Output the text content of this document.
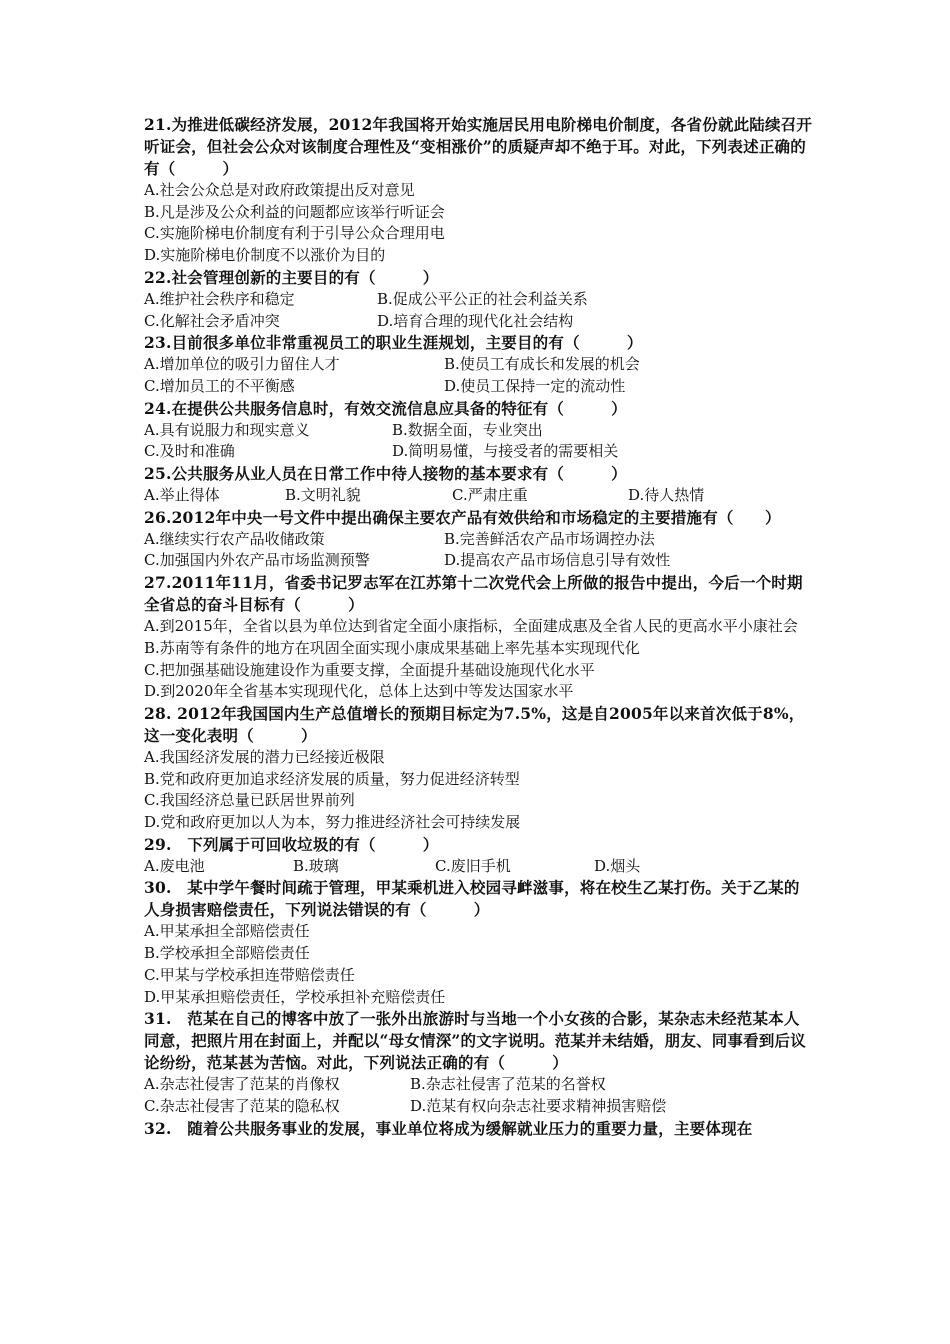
21.为推进低碳经济发展，2012年我国将开始实施居民用电阶梯电价制度，各省份就此陆续召开听证会，但社会公众对该制度合理性及“变相涨价”的质疑声却不绝于耳。对此，下列表述正确的有（　　　）
A.社会公众总是对政府政策提出反对意见
B.凡是涉及公众利益的问题都应该举行听证会
C.实施阶梯电价制度有利于引导公众合理用电
D.实施阶梯电价制度不以涨价为目的
22.社会管理创新的主要目的有（　　　）
A.维护社会秩序和稳定	B.促成公平公正的社会利益关系
C.化解社会矛盾冲突	D.培育合理的现代化社会结构
23.目前很多单位非常重视员工的职业生涯规划，主要目的有（　　　）
A.增加单位的吸引力留住人才	B.使员工有成长和发展的机会
C.增加员工的不平衡感	D.使员工保持一定的流动性
24.在提供公共服务信息时，有效交流信息应具备的特征有（　　　）
A.具有说服力和现实意义	B.数据全面，专业突出
C.及时和准确	D.简明易懂，与接受者的需要相关
25.公共服务从业人员在日常工作中待人接物的基本要求有（　　　）
A.举止得体	B.文明礼貌	C.严肃庄重	D.待人热情
26.2012年中央一号文件中提出确保主要农产品有效供给和市场稳定的主要措施有（　　）
A.继续实行农产品收储政策	B.完善鲜活农产品市场调控办法
C.加强国内外农产品市场监测预警	D.提高农产品市场信息引导有效性
27.2011年11月，省委书记罗志军在江苏第十二次党代会上所做的报告中提出，今后一个时期全省总的奋斗目标有（　　　）
A.到2015年，全省以县为单位达到省定全面小康指标，全面建成惠及全省人民的更高水平小康社会
B.苏南等有条件的地方在巩固全面实现小康成果基础上率先基本实现现代化
C.把加强基础设施建设作为重要支撑，全面提升基础设施现代化水平
D.到2020年全省基本实现现代化，总体上达到中等发达国家水平
28. 2012年我国国内生产总值增长的预期目标定为7.5%，这是自2005年以来首次低于8%，这一变化表明（　　　）
A.我国经济发展的潜力已经接近极限
B.党和政府更加追求经济发展的质量，努力促进经济转型
C.我国经济总量已跃居世界前列
D.党和政府更加以人为本，努力推进经济社会可持续发展
29.　下列属于可回收垃圾的有（　　　）
A.废电池	B.玻璃	C.废旧手机	D.烟头
30.　某中学午餐时间疏于管理，甲某乘机进入校园寻衅滋事，将在校生乙某打伤。关于乙某的人身损害赔偿责任，下列说法错误的有（　　　）
A.甲某承担全部赔偿责任
B.学校承担全部赔偿责任
C.甲某与学校承担连带赔偿责任
D.甲某承担赔偿责任，学校承担补充赔偿责任
31.　范某在自己的博客中放了一张外出旅游时与当地一个小女孩的合影，某杂志未经范某本人同意，把照片用在封面上，并配以“母女情深”的文字说明。范某并未结婚，朋友、同事看到后议论纷纷，范某甚为苦恼。对此，下列说法正确的有（　　　）
A.杂志社侵害了范某的肖像权	B.杂志社侵害了范某的名誉权
C.杂志社侵害了范某的隐私权	D.范某有权向杂志社要求精神损害赔偿
32.　随着公共服务事业的发展，事业单位将成为缓解就业压力的重要力量，主要体现在
